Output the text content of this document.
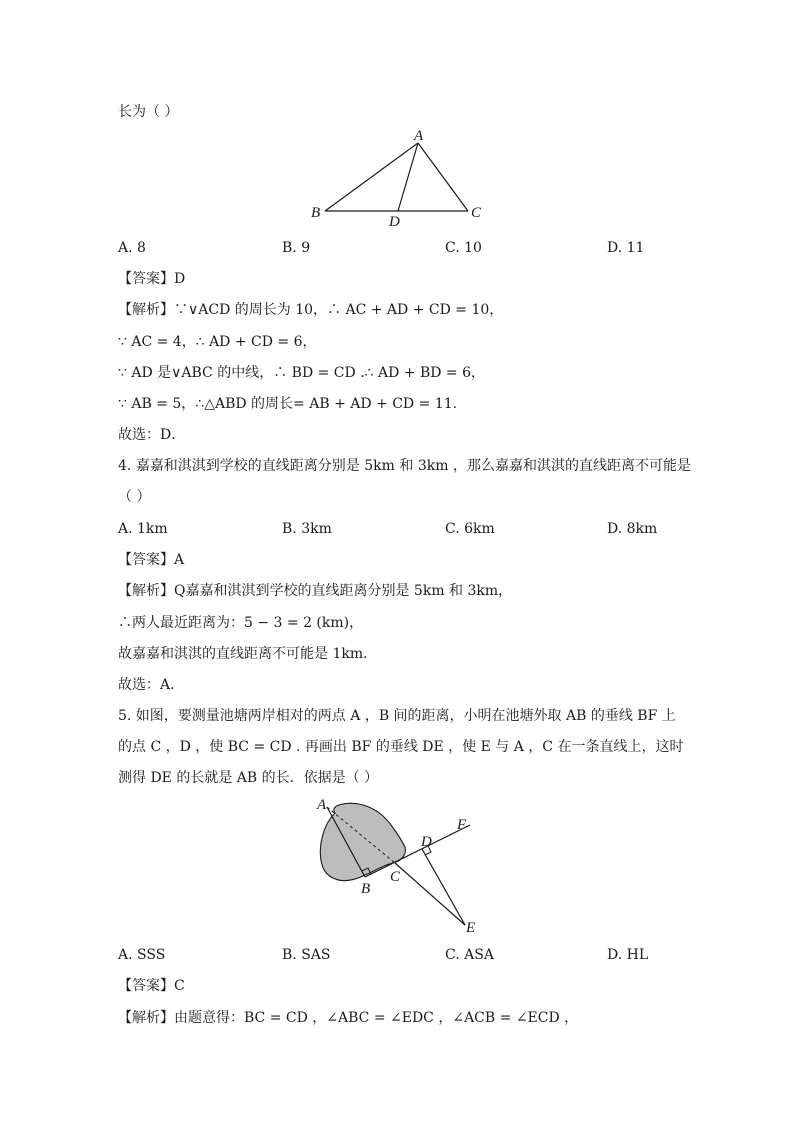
长为（ ）
A
B	C
D
A. 8	B. 9	C. 10	D. 11
【答案】D
【解析】∵∨ACD 的周长为 10，∴ AC + AD + CD = 10，
∵ AC = 4，∴ AD + CD = 6，
∵ AD 是∨ABC 的中线，∴ BD = CD .∴ AD + BD = 6，
∵ AB = 5，∴△ABD 的周长= AB + AD + CD = 11.
故选：D．
4. 嘉嘉和淇淇到学校的直线距离分别是 5km 和 3km ，那么嘉嘉和淇淇的直线距离不可能是
（ ）
A. 1km	B. 3km	C. 6km	D. 8km
【答案】A
【解析】Q嘉嘉和淇淇到学校的直线距离分别是 5km 和 3km，
∴两人最近距离为：5 − 3 = 2 (km)，
故嘉嘉和淇淇的直线距离不可能是 1km．
故选：A．
5. 如图，要测量池塘两岸相对的两点 A ，B 间的距离，小明在池塘外取 AB 的垂线 BF 上
的点 C ，D ，使 BC = CD . 再画出 BF 的垂线 DE ，使 E 与 A ，C 在一条直线上，这时
测得 DE 的长就是 AB 的长．依据是（ ）
A
B
C
D
E
F
A. SSS	B. SAS	C. ASA	D. HL
【答案】C
【解析】由题意得：BC = CD ，∠ABC = ∠EDC ，∠ACB = ∠ECD ，
